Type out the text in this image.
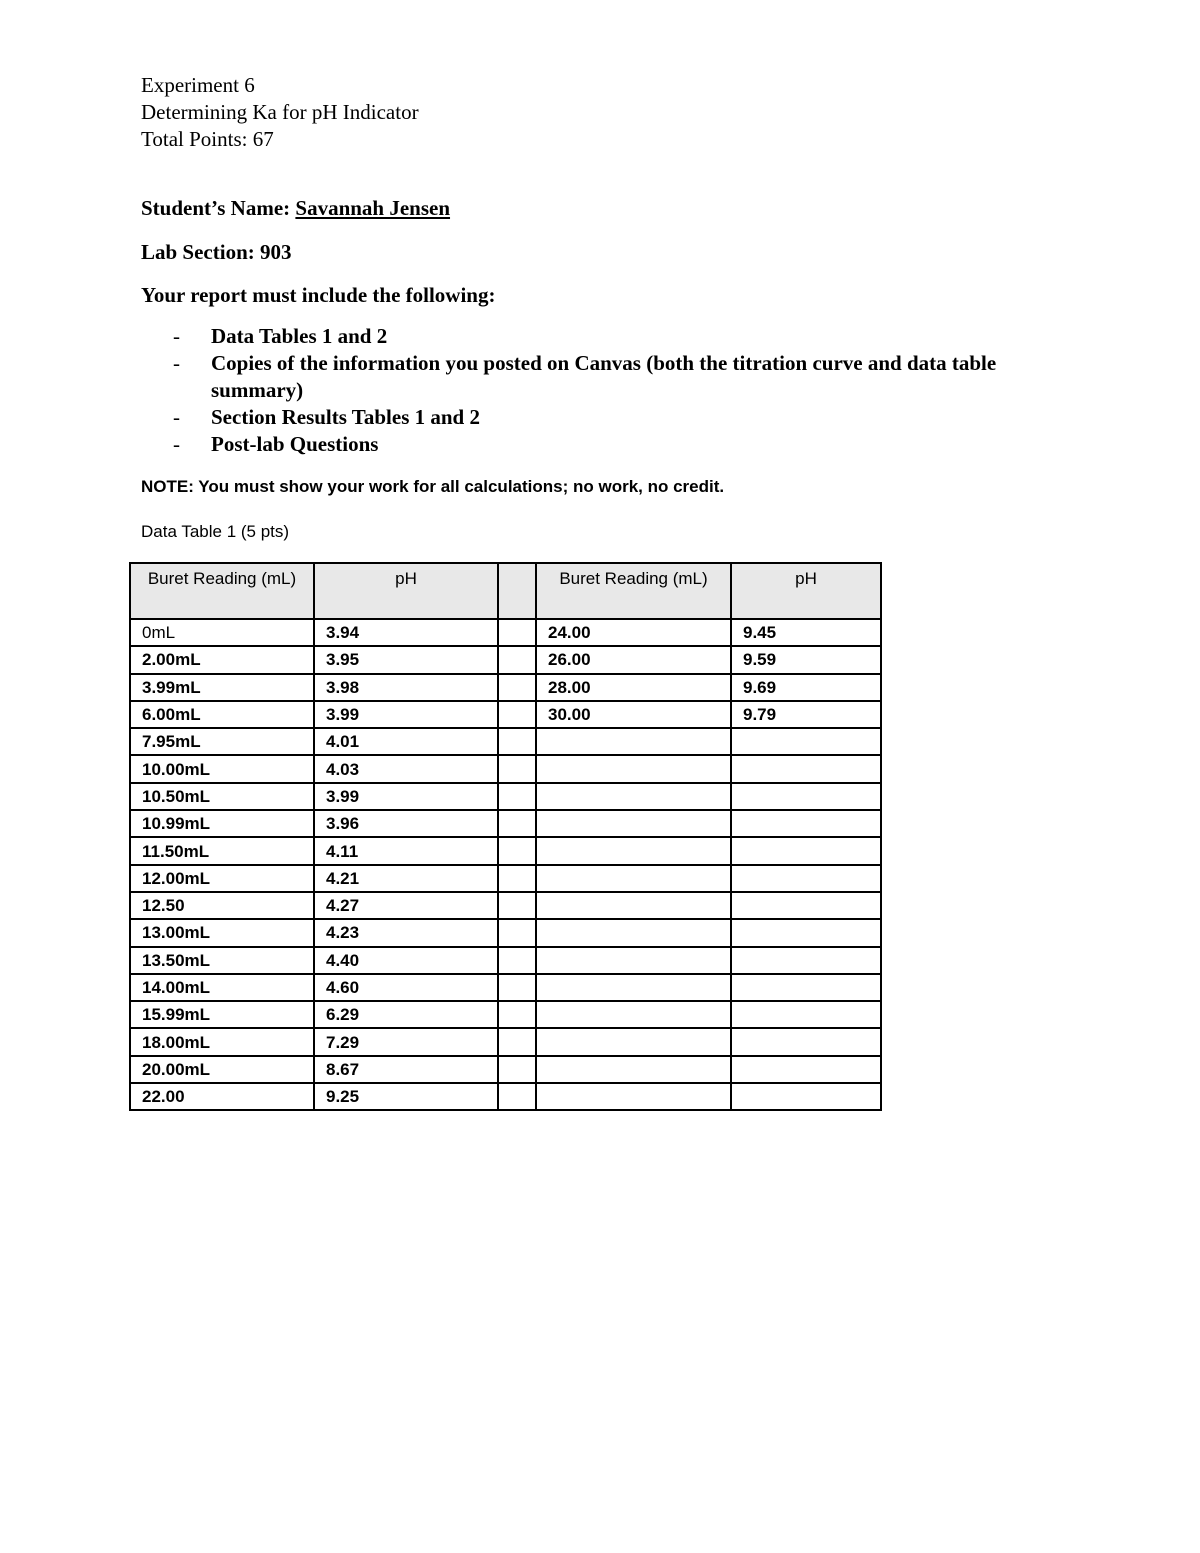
Experiment 6
Determining Ka for pH Indicator
Total Points: 67
Student’s Name: Savannah Jensen
Lab Section: 903
Your report must include the following:
-	Data Tables 1 and 2
-	Copies of the information you posted on Canvas (both the titration curve and data table summary)
-	Section Results Tables 1 and 2
-	Post-lab Questions
NOTE: You must show your work for all calculations; no work, no credit.
Data Table 1 (5 pts)
Buret Reading (mL)	pH		Buret Reading (mL)	pH
0mL	3.94		24.00	9.45
2.00mL	3.95		26.00	9.59
3.99mL	3.98		28.00	9.69
6.00mL	3.99		30.00	9.79
7.95mL	4.01			
10.00mL	4.03			
10.50mL	3.99			
10.99mL	3.96			
11.50mL	4.11			
12.00mL	4.21			
12.50	4.27			
13.00mL	4.23			
13.50mL	4.40			
14.00mL	4.60			
15.99mL	6.29			
18.00mL	7.29			
20.00mL	8.67			
22.00	9.25			
